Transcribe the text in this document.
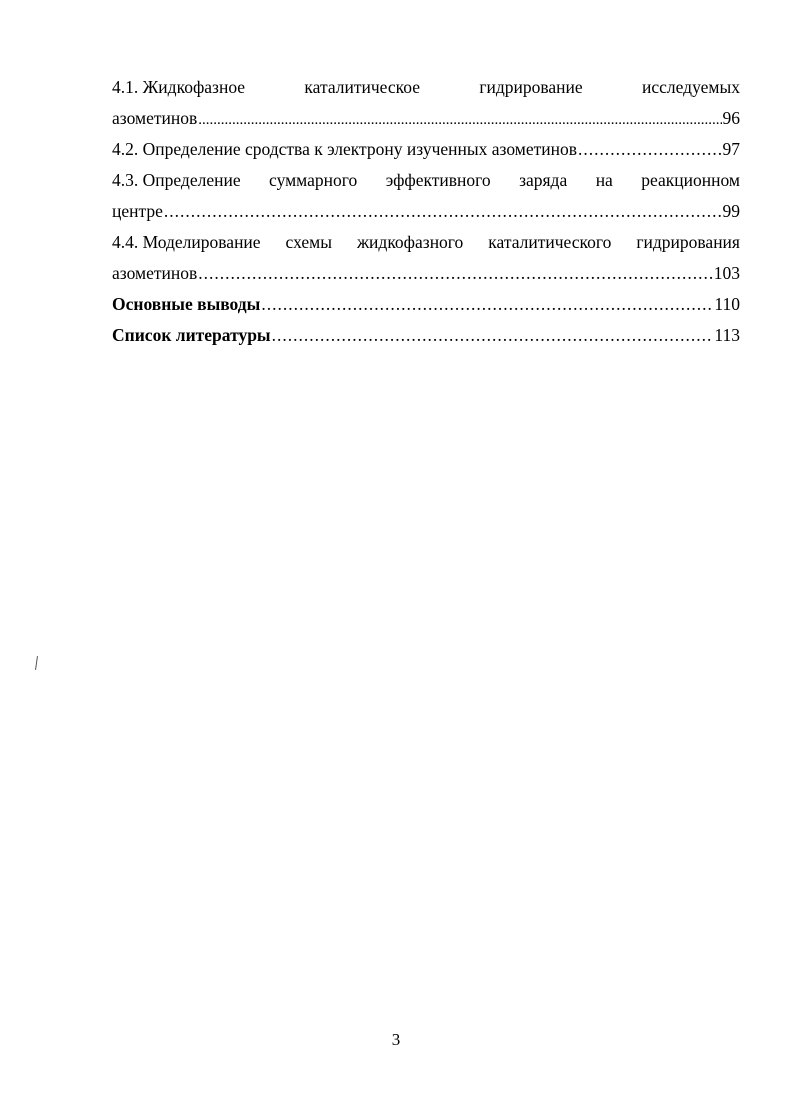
4.1. Жидкофазное	каталитическое	гидрирование	исследуемых
азометинов .....	96
4.2. Определение сродства к электрону изученных азометинов .....	97
4.3. Определение суммарного эффективного заряда на реакционном
центре .....	99
4.4. Моделирование схемы жидкофазного каталитического гидрирования
азометинов .....	103
Основные выводы .....	110
Список литературы .....	113
3
